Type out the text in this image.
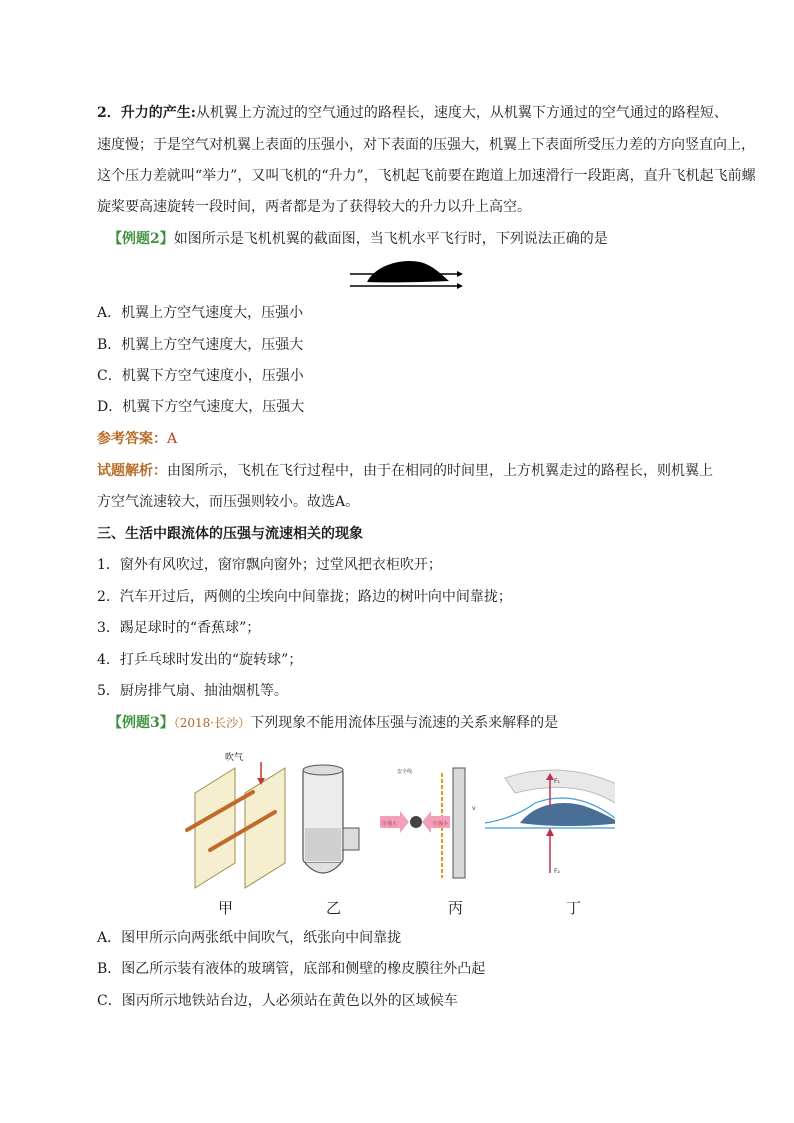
2．升力的产生:从机翼上方流过的空气通过的路程长，速度大，从机翼下方通过的空气通过的路程短、
速度慢；于是空气对机翼上表面的压强小，对下表面的压强大，机翼上下表面所受压力差的方向竖直向上，
这个压力差就叫“举力”，又叫飞机的“升力”，飞机起飞前要在跑道上加速滑行一段距离，直升飞机起飞前螺
旋桨要高速旋转一段时间，两者都是为了获得较大的升力以升上高空。
【例题2】如图所示是飞机机翼的截面图，当飞机水平飞行时，下列说法正确的是
A．机翼上方空气速度大，压强小
B．机翼上方空气速度大，压强大
C．机翼下方空气速度小，压强小
D．机翼下方空气速度大，压强大
参考答案：A
试题解析：由图所示，飞机在飞行过程中，由于在相同的时间里，上方机翼走过的路程长，则机翼上
方空气流速较大，而压强则较小。故选A。
三、生活中跟流体的压强与流速相关的现象
1．窗外有风吹过，窗帘飘向窗外；过堂风把衣柜吹开；
2．汽车开过后，两侧的尘埃向中间靠拢；路边的树叶向中间靠拢；
3．踢足球时的“香蕉球”；
4．打乒乓球时发出的“旋转球”；
5．厨房排气扇、抽油烟机等。
【例题3】（2018·长沙）下列现象不能用流体压强与流速的关系来解释的是
吹气
安全线
压强大	压强小
v
F₁
F₂
甲	乙	丙	丁
A．图甲所示向两张纸中间吹气，纸张向中间靠拢
B．图乙所示装有液体的玻璃管，底部和侧壁的橡皮膜往外凸起
C．图丙所示地铁站台边，人必须站在黄色以外的区域候车
